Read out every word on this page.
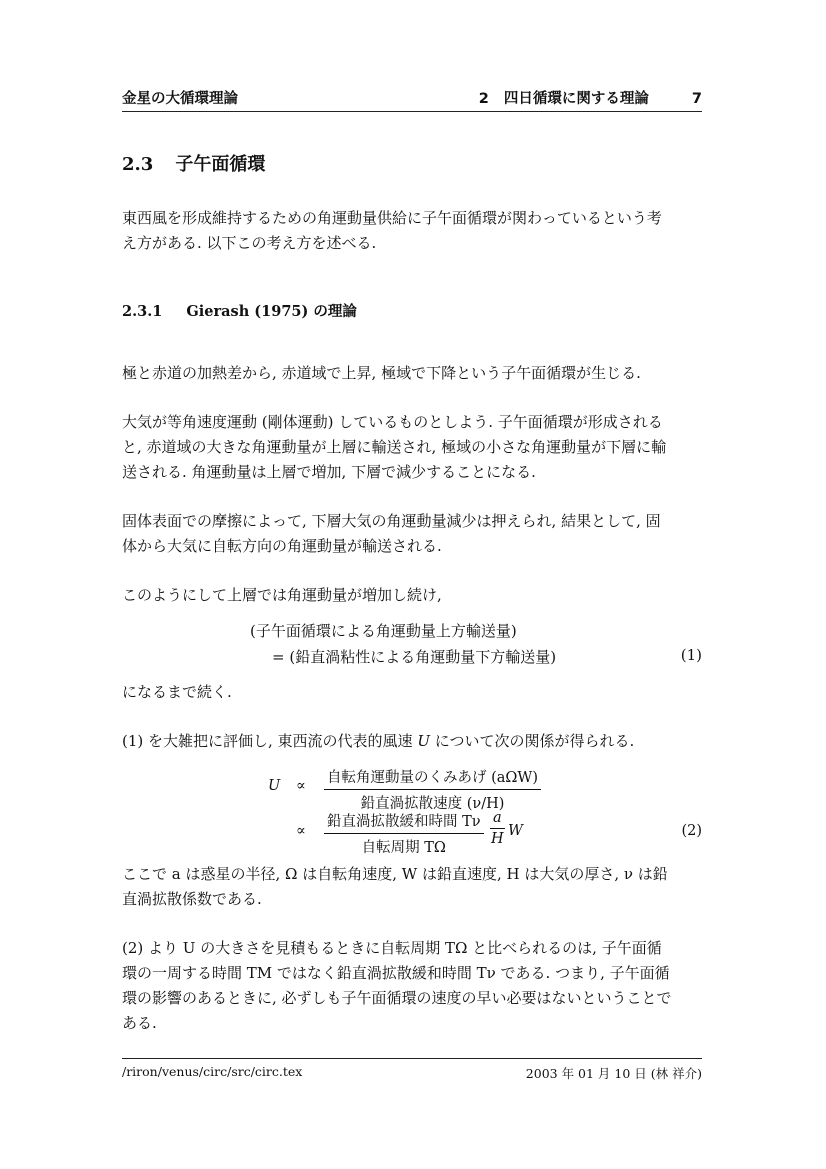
金星の大循環理論	2 四日循環に関する理論	7
2.3 子午面循環

東西風を形成維持するための角運動量供給に子午面循環が関わっているという考
え方がある. 以下この考え方を述べる.

2.3.1 Gierash (1975) の理論

極と赤道の加熱差から, 赤道域で上昇, 極域で下降という子午面循環が生じる.

大気が等角速度運動 (剛体運動) しているものとしよう. 子午面循環が形成される
と, 赤道域の大きな角運動量が上層に輸送され, 極域の小さな角運動量が下層に輸
送される. 角運動量は上層で増加, 下層で減少することになる.

固体表面での摩擦によって, 下層大気の角運動量減少は押えられ, 結果として, 固
体から大気に自転方向の角運動量が輸送される.

このようにして上層では角運動量が増加し続け,

(子午面循環による角運動量上方輸送量)
= (鉛直渦粘性による角運動量下方輸送量)	(1)

になるまで続く.

(1) を大雑把に評価し, 東西流の代表的風速 U について次の関係が得られる.

U ∝ 自転角運動量のくみあげ (aΩW)
鉛直渦拡散速度 (ν/H)
∝
鉛直渦拡散緩和時間 Tν
自転周期 TΩ
$\frac{a}{H}$ W	(2)

ここで a は惑星の半径, Ω は自転角速度, W は鉛直速度, H は大気の厚さ, ν は鉛
直渦拡散係数である.

(2) より U の大きさを見積もるときに自転周期 TΩ と比べられるのは, 子午面循
環の一周する時間 TM ではなく鉛直渦拡散緩和時間 Tν である. つまり, 子午面循
環の影響のあるときに, 必ずしも子午面循環の速度の早い必要はないということで
ある.

/riron/venus/circ/src/circ.tex	2003 年 01 月 10 日 (林 祥介)
